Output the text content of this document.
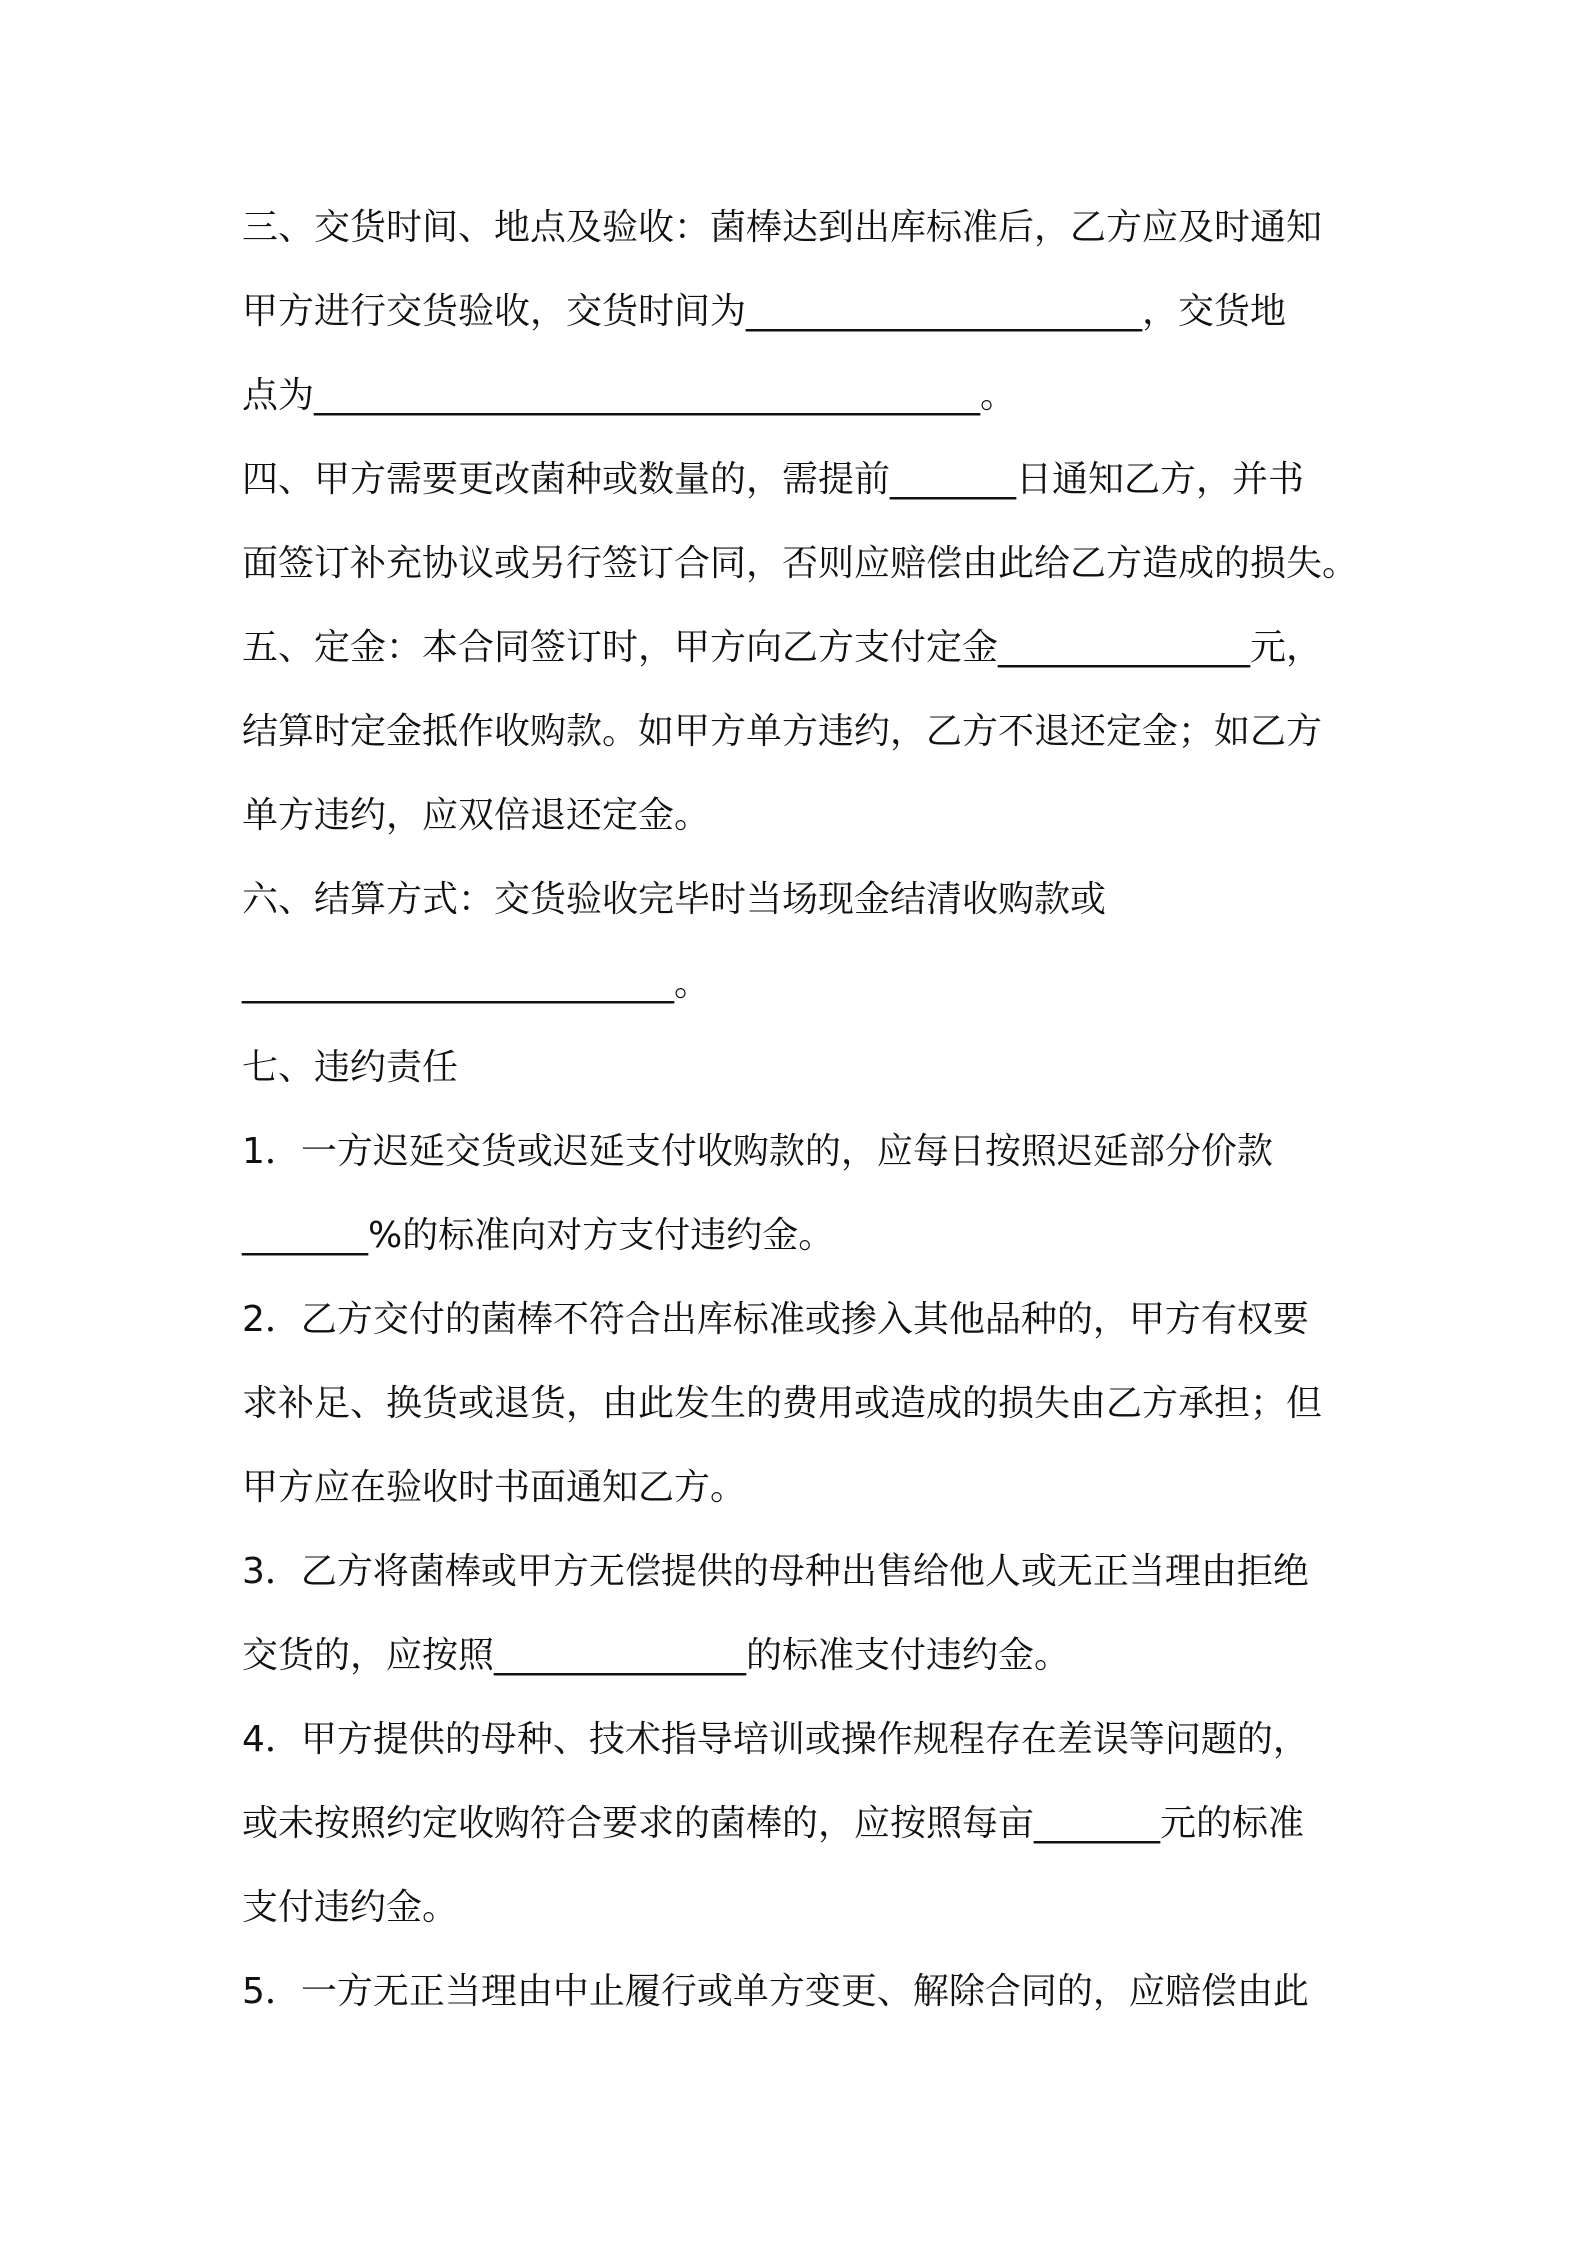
三、交货时间、地点及验收：菌棒达到出库标准后，乙方应及时通知

甲方进行交货验收，交货时间为______________________，交货地

点为_____________________________________。

四、甲方需要更改菌种或数量的，需提前_______日通知乙方，并书

面签订补充协议或另行签订合同，否则应赔偿由此给乙方造成的损失。

五、定金：本合同签订时，甲方向乙方支付定金______________元，

结算时定金抵作收购款。如甲方单方违约，乙方不退还定金；如乙方

单方违约，应双倍退还定金。

六、结算方式：交货验收完毕时当场现金结清收购款或

________________________。

七、违约责任

1．一方迟延交货或迟延支付收购款的，应每日按照迟延部分价款

_______%的标准向对方支付违约金。

2．乙方交付的菌棒不符合出库标准或掺入其他品种的，甲方有权要

求补足、换货或退货，由此发生的费用或造成的损失由乙方承担；但

甲方应在验收时书面通知乙方。

3．乙方将菌棒或甲方无偿提供的母种出售给他人或无正当理由拒绝

交货的，应按照______________的标准支付违约金。

4．甲方提供的母种、技术指导培训或操作规程存在差误等问题的，

或未按照约定收购符合要求的菌棒的，应按照每亩_______元的标准

支付违约金。

5．一方无正当理由中止履行或单方变更、解除合同的，应赔偿由此
